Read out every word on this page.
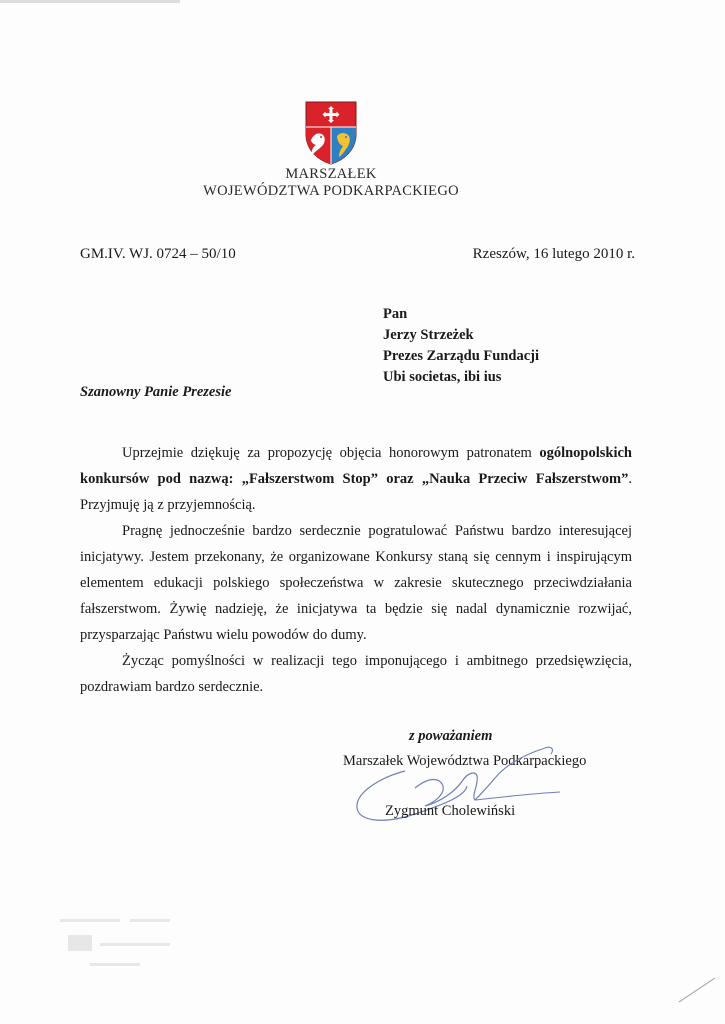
MARSZAŁEK
WOJEWÓDZTWA PODKARPACKIEGO
GM.IV. WJ. 0724 – 50/10	Rzeszów, 16 lutego 2010 r.
Pan
Jerzy Strzeżek
Prezes Zarządu Fundacji
Ubi societas, ibi ius
Szanowny Panie Prezesie

Uprzejmie dziękuję za propozycję objęcia honorowym patronatem ogólnopolskich konkursów pod nazwą: „Fałszerstwom Stop” oraz „Nauka Przeciw Fałszerstwom”. Przyjmuję ją z przyjemnością.

Pragnę jednocześnie bardzo serdecznie pogratulować Państwu bardzo interesującej inicjatywy. Jestem przekonany, że organizowane Konkursy staną się cennym i inspirującym elementem edukacji polskiego społeczeństwa w zakresie skutecznego przeciwdziałania fałszerstwom. Żywię nadzieję, że inicjatywa ta będzie się nadal dynamicznie rozwijać, przysparzając Państwu wielu powodów do dumy.

Życząc pomyślności w realizacji tego imponującego i ambitnego przedsięwzięcia, pozdrawiam bardzo serdecznie.

z poważaniem
Marszałek Województwa Podkarpackiego
Zygmunt Cholewiński
